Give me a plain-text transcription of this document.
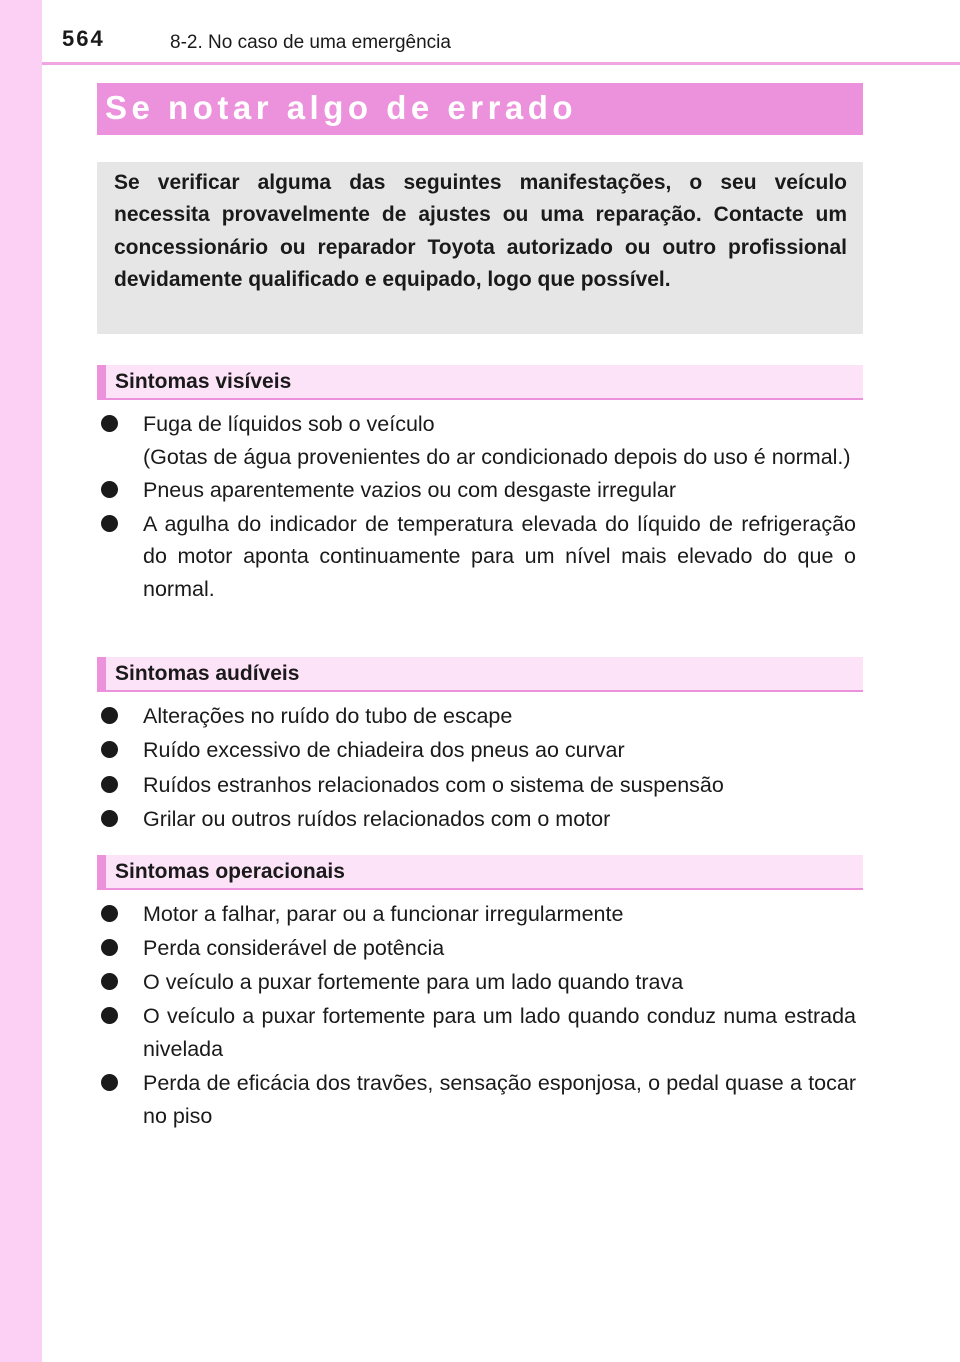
564	8-2. No caso de uma emergência
Se notar algo de errado
Se verificar alguma das seguintes manifestações, o seu veículo necessita provavelmente de ajustes ou uma reparação. Contacte um concessionário ou reparador Toyota autorizado ou outro profissional devidamente qualificado e equipado, logo que possível.
Sintomas visíveis
Fuga de líquidos sob o veículo
(Gotas de água provenientes do ar condicionado depois do uso é normal.)
Pneus aparentemente vazios ou com desgaste irregular
A agulha do indicador de temperatura elevada do líquido de refrigeração do motor aponta continuamente para um nível mais elevado do que o normal.
Sintomas audíveis
Alterações no ruído do tubo de escape
Ruído excessivo de chiadeira dos pneus ao curvar
Ruídos estranhos relacionados com o sistema de suspensão
Grilar ou outros ruídos relacionados com o motor
Sintomas operacionais
Motor a falhar, parar ou a funcionar irregularmente
Perda considerável de potência
O veículo a puxar fortemente para um lado quando trava
O veículo a puxar fortemente para um lado quando conduz numa estrada nivelada
Perda de eficácia dos travões, sensação esponjosa, o pedal quase a tocar no piso
